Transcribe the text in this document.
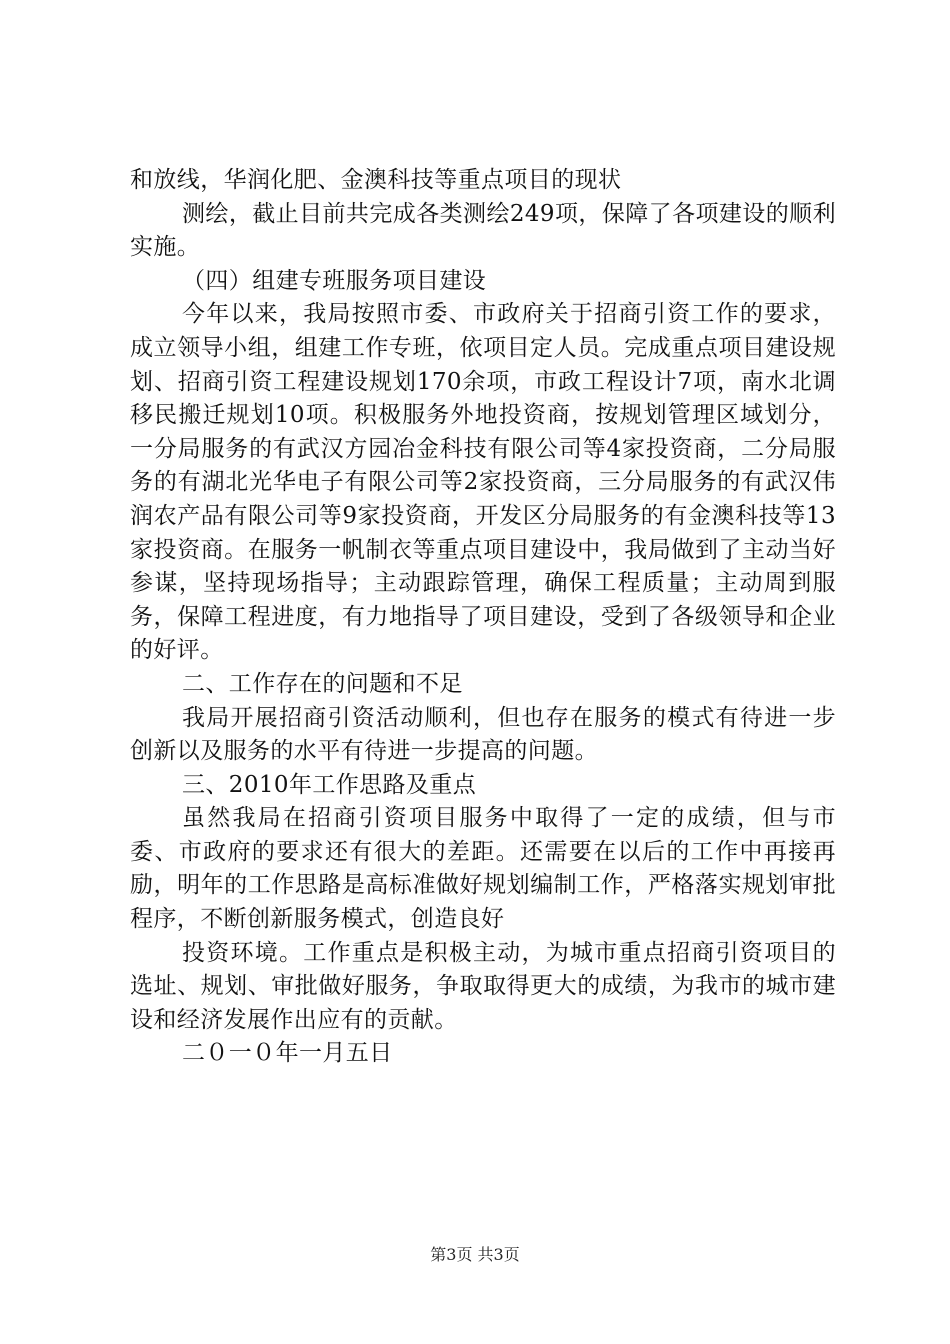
和放线，华润化肥、金澳科技等重点项目的现状

测绘，截止目前共完成各类测绘249项，保障了各项建设的顺利实施。

（四）组建专班服务项目建设

今年以来，我局按照市委、市政府关于招商引资工作的要求，成立领导小组，组建工作专班，依项目定人员。完成重点项目建设规划、招商引资工程建设规划170余项，市政工程设计7项，南水北调移民搬迁规划10项。积极服务外地投资商，按规划管理区域划分，一分局服务的有武汉方园冶金科技有限公司等4家投资商，二分局服务的有湖北光华电子有限公司等2家投资商，三分局服务的有武汉伟润农产品有限公司等9家投资商，开发区分局服务的有金澳科技等13家投资商。在服务一帆制衣等重点项目建设中，我局做到了主动当好参谋，坚持现场指导；主动跟踪管理，确保工程质量；主动周到服务，保障工程进度，有力地指导了项目建设，受到了各级领导和企业的好评。

二、工作存在的问题和不足

我局开展招商引资活动顺利，但也存在服务的模式有待进一步创新以及服务的水平有待进一步提高的问题。

三、2010年工作思路及重点

虽然我局在招商引资项目服务中取得了一定的成绩，但与市委、市政府的要求还有很大的差距。还需要在以后的工作中再接再励，明年的工作思路是高标准做好规划编制工作，严格落实规划审批程序，不断创新服务模式，创造良好

投资环境。工作重点是积极主动，为城市重点招商引资项目的选址、规划、审批做好服务，争取取得更大的成绩，为我市的城市建设和经济发展作出应有的贡献。

二０一０年一月五日

第3页 共3页
